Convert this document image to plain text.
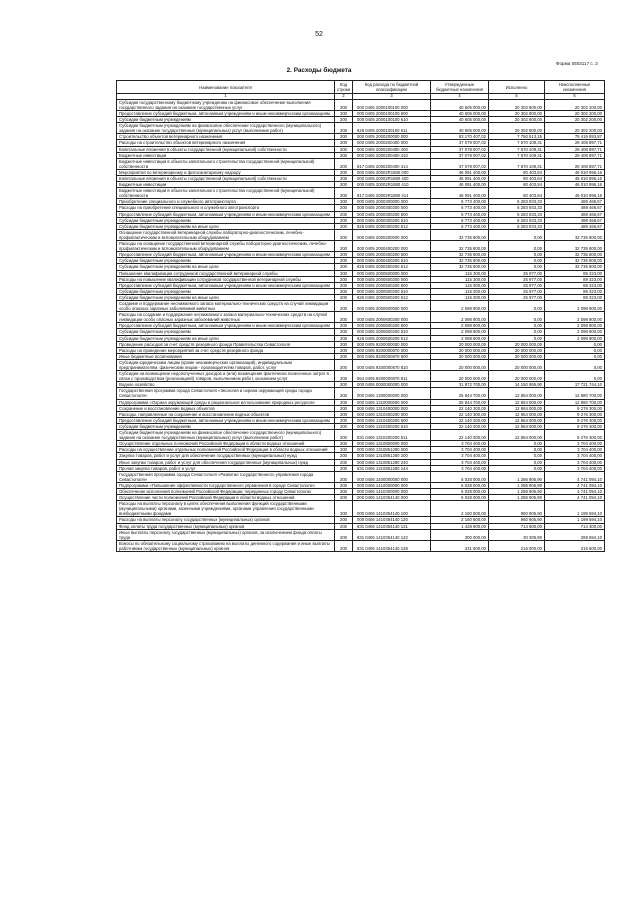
52
Форма 0503117 с. 2
2. Расходы бюджета
Наименование показателя	Код строки	Код расхода по бюджетной классификации	Утвержденные бюджетные назначения	Исполнено	Неисполненные назначения
1	2	3	4	5	6
Субсидия государственному бюджетному учреждению на финансовое обеспечение выполнения государственного задания на оказание государственных услуг	200	000 0405 2000100100 000	40 605 000,00	20 302 800,00	20 302 200,00
Предоставление субсидий бюджетным, автономным учреждениям и иным некоммерческим организациям	200	000 0405 2000100100 600	40 605 000,00	20 302 800,00	20 302 200,00
Субсидии бюджетным учреждениям	200	000 0405 2000100100 610	40 605 000,00	20 302 800,00	20 302 200,00
Субсидии бюджетным учреждениям на финансовое обеспечение государственного (муниципального) задания на оказание государственных (муниципальных) услуг (выполнение работ)	200	826 0405 2000100100 611	40 605 000,00	20 302 800,00	20 302 200,00
Строительство объектов ветеринарного назначения	200	000 0405 2000200000 000	83 170 407,02	7 750 513,15	75 419 893,87
Расходы на строительство объектов ветеринарного назначения	200	000 0405 2000200400 000	37 079 007,02	7 670 109,31	29 408 897,71
Капитальные вложения в объекты государственной (муниципальной) собственности	200	000 0405 2000200400 400	37 079 007,02	7 670 109,31	29 408 897,71
Бюджетные инвестиции	200	000 0405 2000200400 410	37 079 007,02	7 670 109,31	29 408 897,71
Бюджетные инвестиции в объекты капитального строительства государственной (муниципальной) собственности	200	817 0405 2000200400 414	37 079 007,02	7 670 109,31	29 408 897,71
Мероприятия по ветеринарному и фитосанитарному надзору	200	000 0405 20002R1880 000	46 091 400,00	80 403,84	46 010 996,16
Капитальные вложения в объекты государственной (муниципальной) собственности	200	000 0405 20002R1880 400	46 091 400,00	80 403,84	46 010 996,16
Бюджетные инвестиции	200	000 0405 20002R1880 410	46 091 400,00	80 403,84	46 010 996,16
Бюджетные инвестиции в объекты капитального строительства государственной (муниципальной) собственности	200	817 0405 20002R1880 414	46 091 400,00	80 403,84	46 010 996,16
Приобретение специального и служебного автотранспорта	200	000 0405 2000300000 000	6 773 400,00	6 283 933,33	489 466,67
Расходы на приобретение специального и служебного автотранспорта	200	000 0405 2000300200 000	6 773 400,00	6 283 933,33	489 466,67
Предоставление субсидий бюджетным, автономным учреждениям и иным некоммерческим организациям	200	000 0405 2000300200 600	6 773 400,00	6 283 933,33	489 466,67
Субсидии бюджетным учреждениям	200	000 0405 2000300200 610	6 773 400,00	6 283 933,33	489 466,67
Субсидии бюджетным учреждениям на иные цели	200	826 0405 2000300200 612	6 773 400,00	6 283 933,33	489 466,67
Оснащение государственной ветеринарной службы лабораторно-диагностическим, лечебно-профилактическим и вспомогательным оборудованием	200	000 0405 2000400000 000	32 735 800,00	0,00	32 735 800,00
Расходы на оснащение государственной ветеринарной службы лабораторно-диагностическим, лечебно-профилактическим и вспомогательным оборудованием	200	000 0405 2000400200 000	32 735 800,00	0,00	32 735 800,00
Предоставление субсидий бюджетным, автономным учреждениям и иным некоммерческим организациям	200	000 0405 2000400200 600	32 735 800,00	0,00	32 735 800,00
Субсидии бюджетным учреждениям	200	000 0405 2000400200 610	32 735 800,00	0,00	32 735 800,00
Субсидии бюджетным учреждениям на иные цели	200	826 0405 2000400200 612	32 735 800,00	0,00	32 735 800,00
Повышение квалификации сотрудников государственной ветеринарной службы	200	000 0405 2000500000 000	115 300,00	25 977,00	89 323,00
Расходы на повышение квалификации сотрудников государственной ветеринарной службы	200	000 0405 2000500200 000	115 300,00	25 977,00	89 323,00
Предоставление субсидий бюджетным, автономным учреждениям и иным некоммерческим организациям	200	000 0405 2000500200 600	115 300,00	25 977,00	89 323,00
Субсидии бюджетным учреждениям	200	000 0405 2000500200 610	115 300,00	25 977,00	89 323,00
Субсидии бюджетным учреждениям на иные цели	200	826 0405 2000500200 612	115 300,00	25 977,00	89 323,00
Создание и поддержание неснижаемого запаса материально-технических средств на случай ликвидации особо опасных заразных заболеваний животных	200	000 0405 2000600000 000	2 098 900,00	0,00	2 098 900,00
Расходы на создание и поддержание неснижаемого запаса материально-технических средств на случай ликвидации особо опасных заразных заболеваний животных	200	000 0405 2000600200 000	2 098 900,00	0,00	2 098 900,00
Предоставление субсидий бюджетным, автономным учреждениям и иным некоммерческим организациям	200	000 0405 2000600200 600	2 098 900,00	0,00	2 098 900,00
Субсидии бюджетным учреждениям	200	000 0405 2000600200 610	2 098 900,00	0,00	2 098 900,00
Субсидии бюджетным учреждениям на иные цели	200	826 0405 2000600200 612	2 098 900,00	0,00	2 098 900,00
Проведение расходов за счет средств резервного фонда Правительства Севастополя	200	000 0405 9200000000 000	20 000 000,00	20 000 000,00	0,00
Расходы на проведение мероприятий за счет средств резервного фонда	200	000 0405 9200000870 000	20 000 000,00	20 000 000,00	0,00
Иные бюджетные ассигнования	200	000 0405 9200000870 800	20 000 000,00	20 000 000,00	0,00
Субсидии юридическим лицам (кроме некоммерческих организаций), индивидуальным предпринимателям, физическим лицам - производителям товаров, работ, услуг	200	000 0405 9200000870 810	20 000 000,00	20 000 000,00	0,00
Субсидии на возмещение недополученных доходов и (или) возмещение фактически понесенных затрат в связи с производством (реализацией) товаров, выполнением работ, оказанием услуг	200	864 0405 9200000870 811	20 000 000,00	20 000 000,00	0,00
Водное хозяйство	200	000 0406 0000000000 000	31 872 700,00	14 150 955,90	17 721 744,10
Государственная программа города Севастополя «Экология и охрана окружающей среды города Севастополя»	200	000 0406 1300000000 000	25 844 700,00	12 864 000,00	12 980 700,00
Подпрограмма «Охрана окружающей среды и рациональное использование природных ресурсов»	200	000 0406 1310000000 000	25 844 700,00	12 864 000,00	12 980 700,00
Сохранение и восстановление водных объектов	200	000 0406 1310400000 000	22 140 300,00	12 864 000,00	9 276 300,00
Расходы, направленные на сохранение и восстановление водных объектов	200	000 0406 1310400200 000	22 140 300,00	12 864 000,00	9 276 300,00
Предоставление субсидий бюджетным, автономным учреждениям и иным некоммерческим организациям	200	000 0406 1310400200 600	22 140 300,00	12 864 000,00	9 276 300,00
Субсидии бюджетным учреждениям	200	000 0406 1310400200 610	22 140 300,00	12 864 000,00	9 276 300,00
Субсидии бюджетным учреждениям на финансовое обеспечение государственного (муниципального) задания на оказание государственных (муниципальных) услуг (выполнение работ)	200	831 0406 1310400200 611	22 140 300,00	12 864 000,00	9 276 300,00
Осуществление отдельных полномочий Российской Федерации в области водных отношений	200	000 0406 1310800000 000	3 704 400,00	0,00	3 704 400,00
Расходы на осуществление отдельных полномочий Российской Федерации в области водных отношений	200	000 0406 1310851280 000	3 704 400,00	0,00	3 704 400,00
Закупка товаров, работ и услуг для обеспечения государственных (муниципальных) нужд	200	000 0406 1310851280 200	3 704 400,00	0,00	3 704 400,00
Иные закупки товаров, работ и услуг для обеспечения государственных (муниципальных) нужд	200	000 0406 1310851280 240	3 704 400,00	0,00	3 704 400,00
Прочая закупка товаров, работ и услуг	200	831 0406 1310851280 244	3 704 400,00	0,00	3 704 400,00
Государственная программа города Севастополя «Развитие государственного управления города Севастополя»	200	000 0406 1400000000 000	6 028 000,00	1 286 905,90	4 741 094,10
Подпрограмма «Повышение эффективности государственного управления в городе Севастополе»	200	000 0406 1410000000 000	6 028 000,00	1 286 905,90	4 741 094,10
Обеспечение исполнения полномочий Российской Федерации, переданных городу Севастополю	200	000 0406 1410300000 000	6 028 000,00	1 286 905,90	4 741 094,10
Осуществление части полномочий Российской Федерации в области водных отношений	200	000 0406 1410354140 000	6 028 000,00	1 286 905,90	4 741 094,10
Расходы на выплаты персоналу в целях обеспечения выполнения функций государственными (муниципальными) органами, казенными учреждениями, органами управления государственными внебюджетными фондами	200	000 0406 1410354140 100	2 160 500,00	960 905,90	1 199 594,10
Расходы на выплаты персоналу государственных (муниципальных) органов	200	000 0406 1410354140 120	2 160 500,00	960 905,90	1 199 594,10
Фонд оплаты труда государственных (муниципальных) органов	200	831 0406 1410354140 121	1 428 900,00	714 600,00	714 300,00
Иные выплаты персоналу государственных (муниципальных) органов, за исключением фонда оплаты труда	200	831 0406 1410354140 122	300 000,00	30 305,90	269 694,10
Взносы по обязательному социальному страхованию на выплаты денежного содержания и иные выплаты работникам государственных (муниципальных) органов	200	831 0406 1410354140 129	431 600,00	216 000,00	215 600,00
